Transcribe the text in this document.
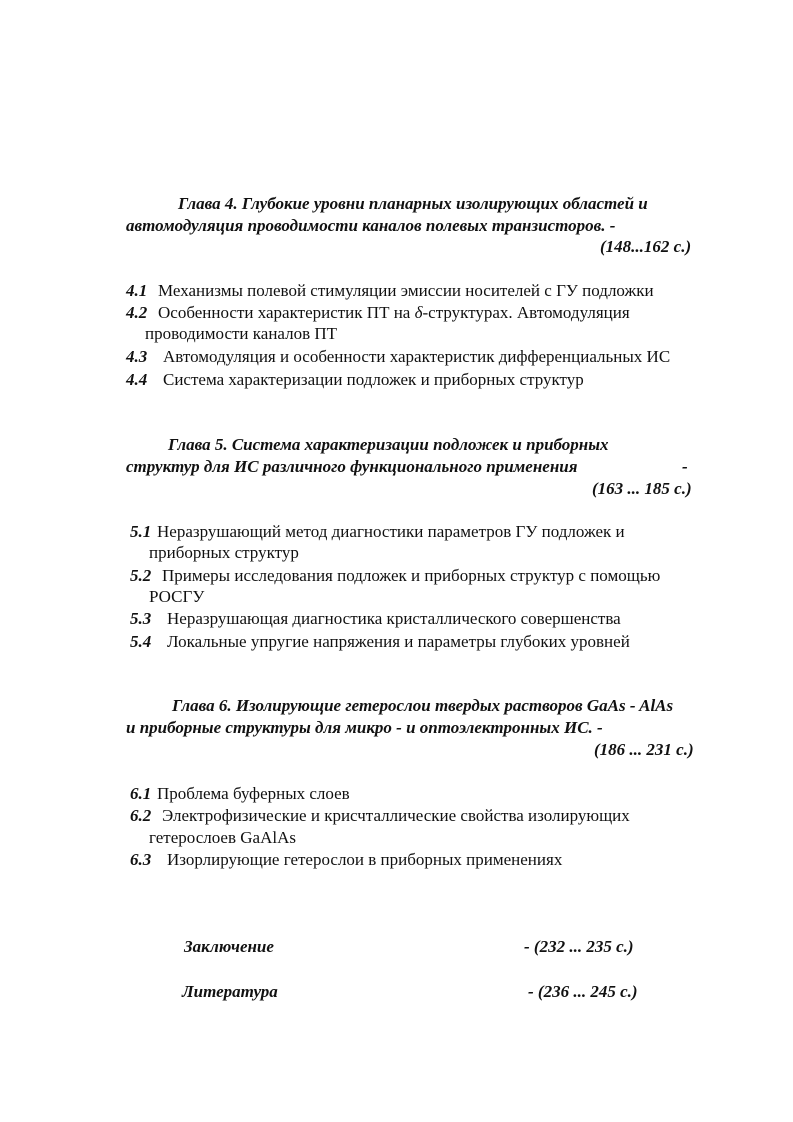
Глава 4. Глубокие уровни планарных изолирующих областей и
автомодуляция проводимости каналов полевых транзисторов. -
(148...162 с.)
4.1 Механизмы полевой стимуляции эмиссии носителей с ГУ подложки
4.2 Особенности характеристик ПТ на δ-структурах. Автомодуляция
проводимости каналов ПТ
4.3 Автомодуляция и особенности характеристик дифференциальных ИС
4.4 Система характеризации подложек и приборных структур
Глава 5. Система характеризации подложек и приборных
структур для ИС различного функционального применения	-
(163 ... 185 с.)
5.1 Неразрушающий метод диагностики параметров ГУ подложек и
приборных структур
5.2 Примеры исследования подложек и приборных структур с помощью
РОСГУ
5.3 Неразрушающая диагностика кристаллического совершенства
5.4 Локальные упругие напряжения и параметры глубоких уровней
Глава 6. Изолирующие гетерослои твердых растворов GaAs - AlAs
и приборные структуры для микро - и оптоэлектронных ИС. -
(186 ... 231 с.)
6.1 Проблема буферных слоев
6.2 Электрофизические и крисчталлические свойства изолирующих
гетерослоев GaAlAs
6.3 Изорлирующие гетерослои в приборных применениях
Заключение	- (232 ... 235 с.)
Литература	- (236 ... 245 с.)
